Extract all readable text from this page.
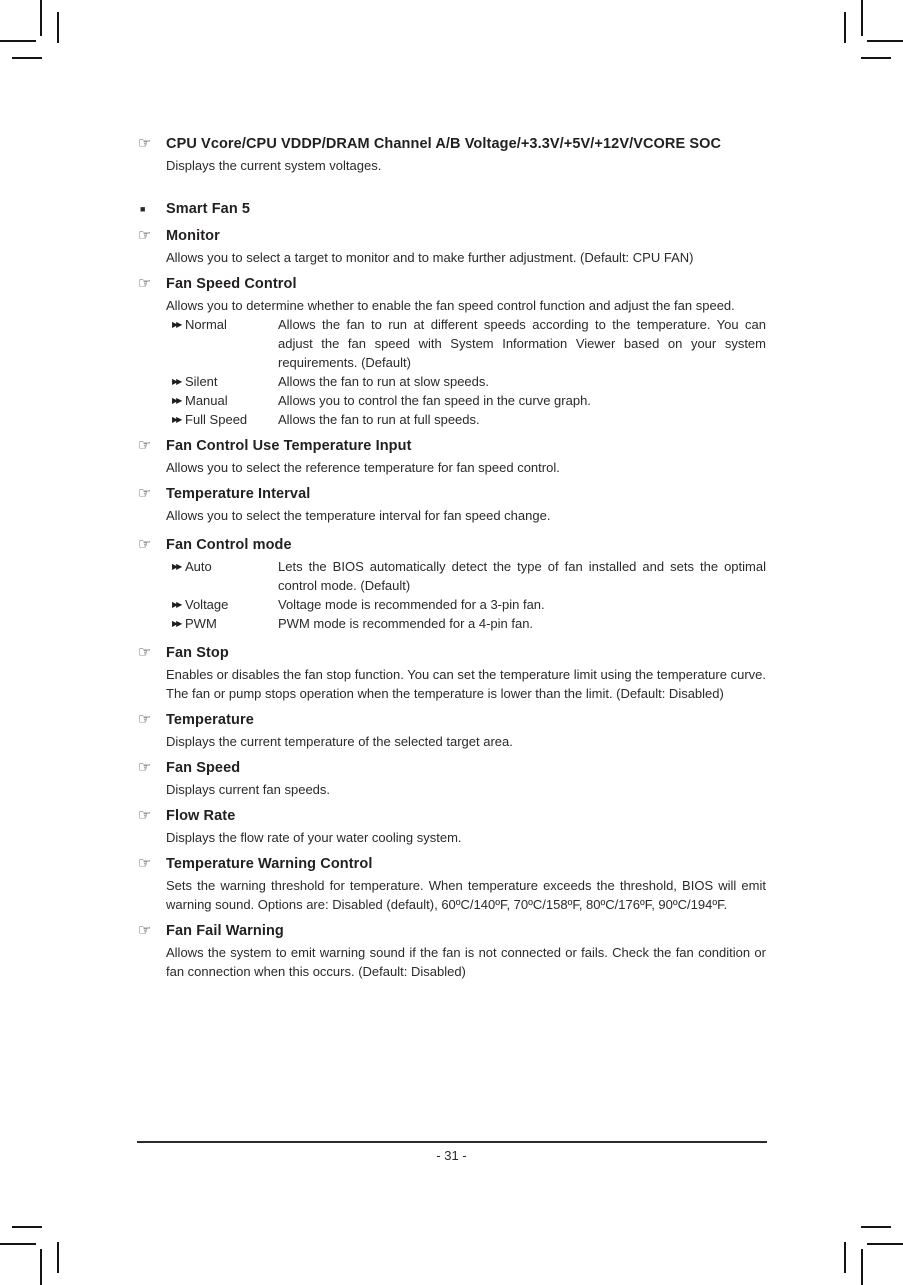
☞	CPU Vcore/CPU VDDP/DRAM Channel A/B Voltage/+3.3V/+5V/+12V/VCORE SOC

Displays the current system voltages.

■	Smart Fan 5
☞	Monitor

Allows you to select a target to monitor and to make further adjustment. (Default: CPU FAN)

☞	Fan Speed Control

Allows you to determine whether to enable the fan speed control function and adjust the fan speed.

▶▶ Normal	Allows the fan to run at different speeds according to the temperature. You can adjust the fan speed with System Information Viewer based on your system requirements. (Default)
▶▶ Silent	Allows the fan to run at slow speeds.
▶▶ Manual	Allows you to control the fan speed in the curve graph.
▶▶ Full Speed	Allows the fan to run at full speeds.
☞	Fan Control Use Temperature Input

Allows you to select the reference temperature for fan speed control.

☞	Temperature Interval

Allows you to select the temperature interval for fan speed change.

☞	Fan Control mode
▶▶ Auto	Lets the BIOS automatically detect the type of fan installed and sets the optimal control mode. (Default)
▶▶ Voltage	Voltage mode is recommended for a 3-pin fan.
▶▶ PWM	PWM mode is recommended for a 4-pin fan.
☞	Fan Stop

Enables or disables the fan stop function. You can set the temperature limit using the temperature curve. The fan or pump stops operation when the temperature is lower than the limit. (Default: Disabled)

☞	Temperature

Displays the current temperature of the selected target area.

☞	Fan Speed

Displays current fan speeds.

☞	Flow Rate

Displays the flow rate of your water cooling system.

☞	Temperature Warning Control

Sets the warning threshold for temperature. When temperature exceeds the threshold, BIOS will emit warning sound. Options are: Disabled (default), 60ºC/140ºF, 70ºC/158ºF, 80ºC/176ºF, 90ºC/194ºF.

☞	Fan Fail Warning

Allows the system to emit warning sound if the fan is not connected or fails. Check the fan condition or fan connection when this occurs. (Default: Disabled)

- 31 -
